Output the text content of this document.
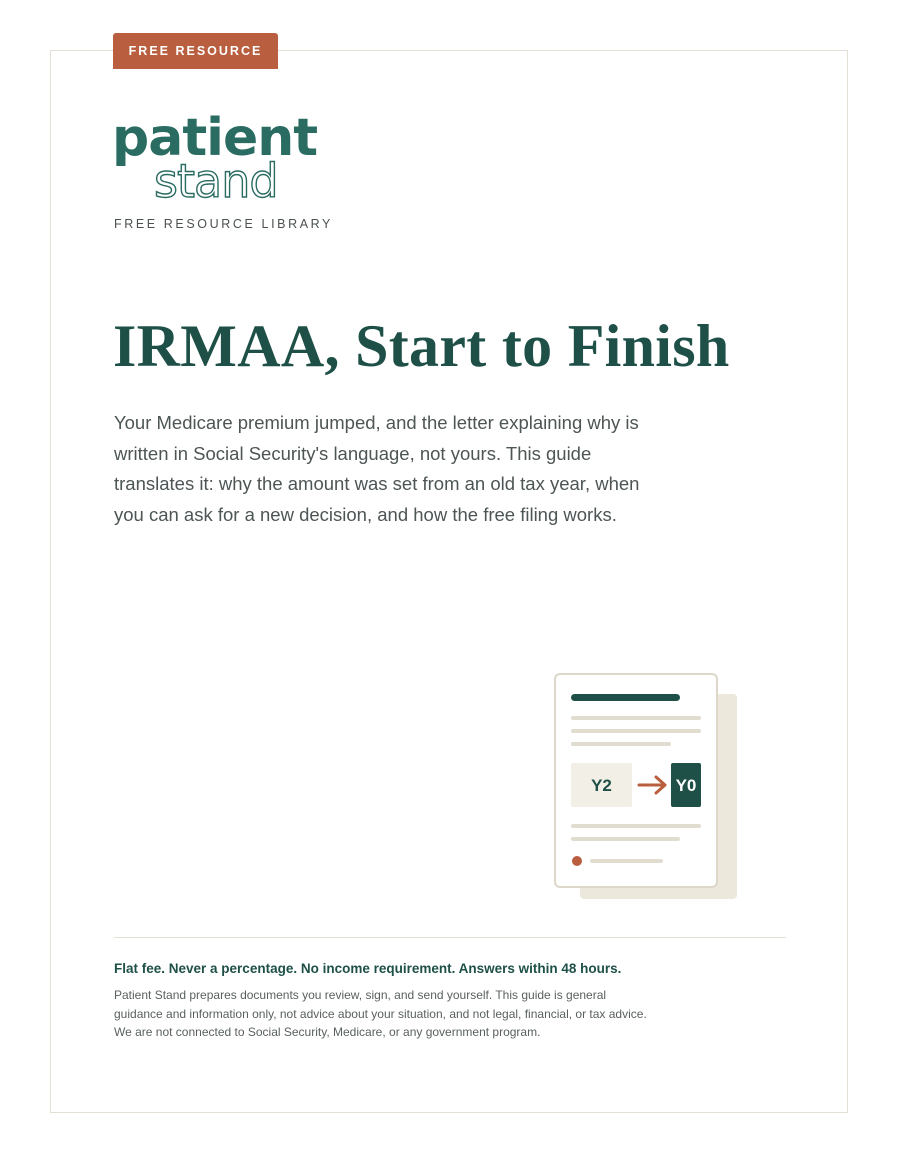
FREE RESOURCE
patient
stand
FREE RESOURCE LIBRARY
IRMAA, Start to Finish

Your Medicare premium jumped, and the letter explaining why is written in Social Security's language, not yours. This guide translates it: why the amount was set from an old tax year, when you can ask for a new decision, and how the free filing works.

Y2	Y0

Flat fee. Never a percentage. No income requirement. Answers within 48 hours.

Patient Stand prepares documents you review, sign, and send yourself. This guide is general guidance and information only, not advice about your situation, and not legal, financial, or tax advice. We are not connected to Social Security, Medicare, or any government program.
